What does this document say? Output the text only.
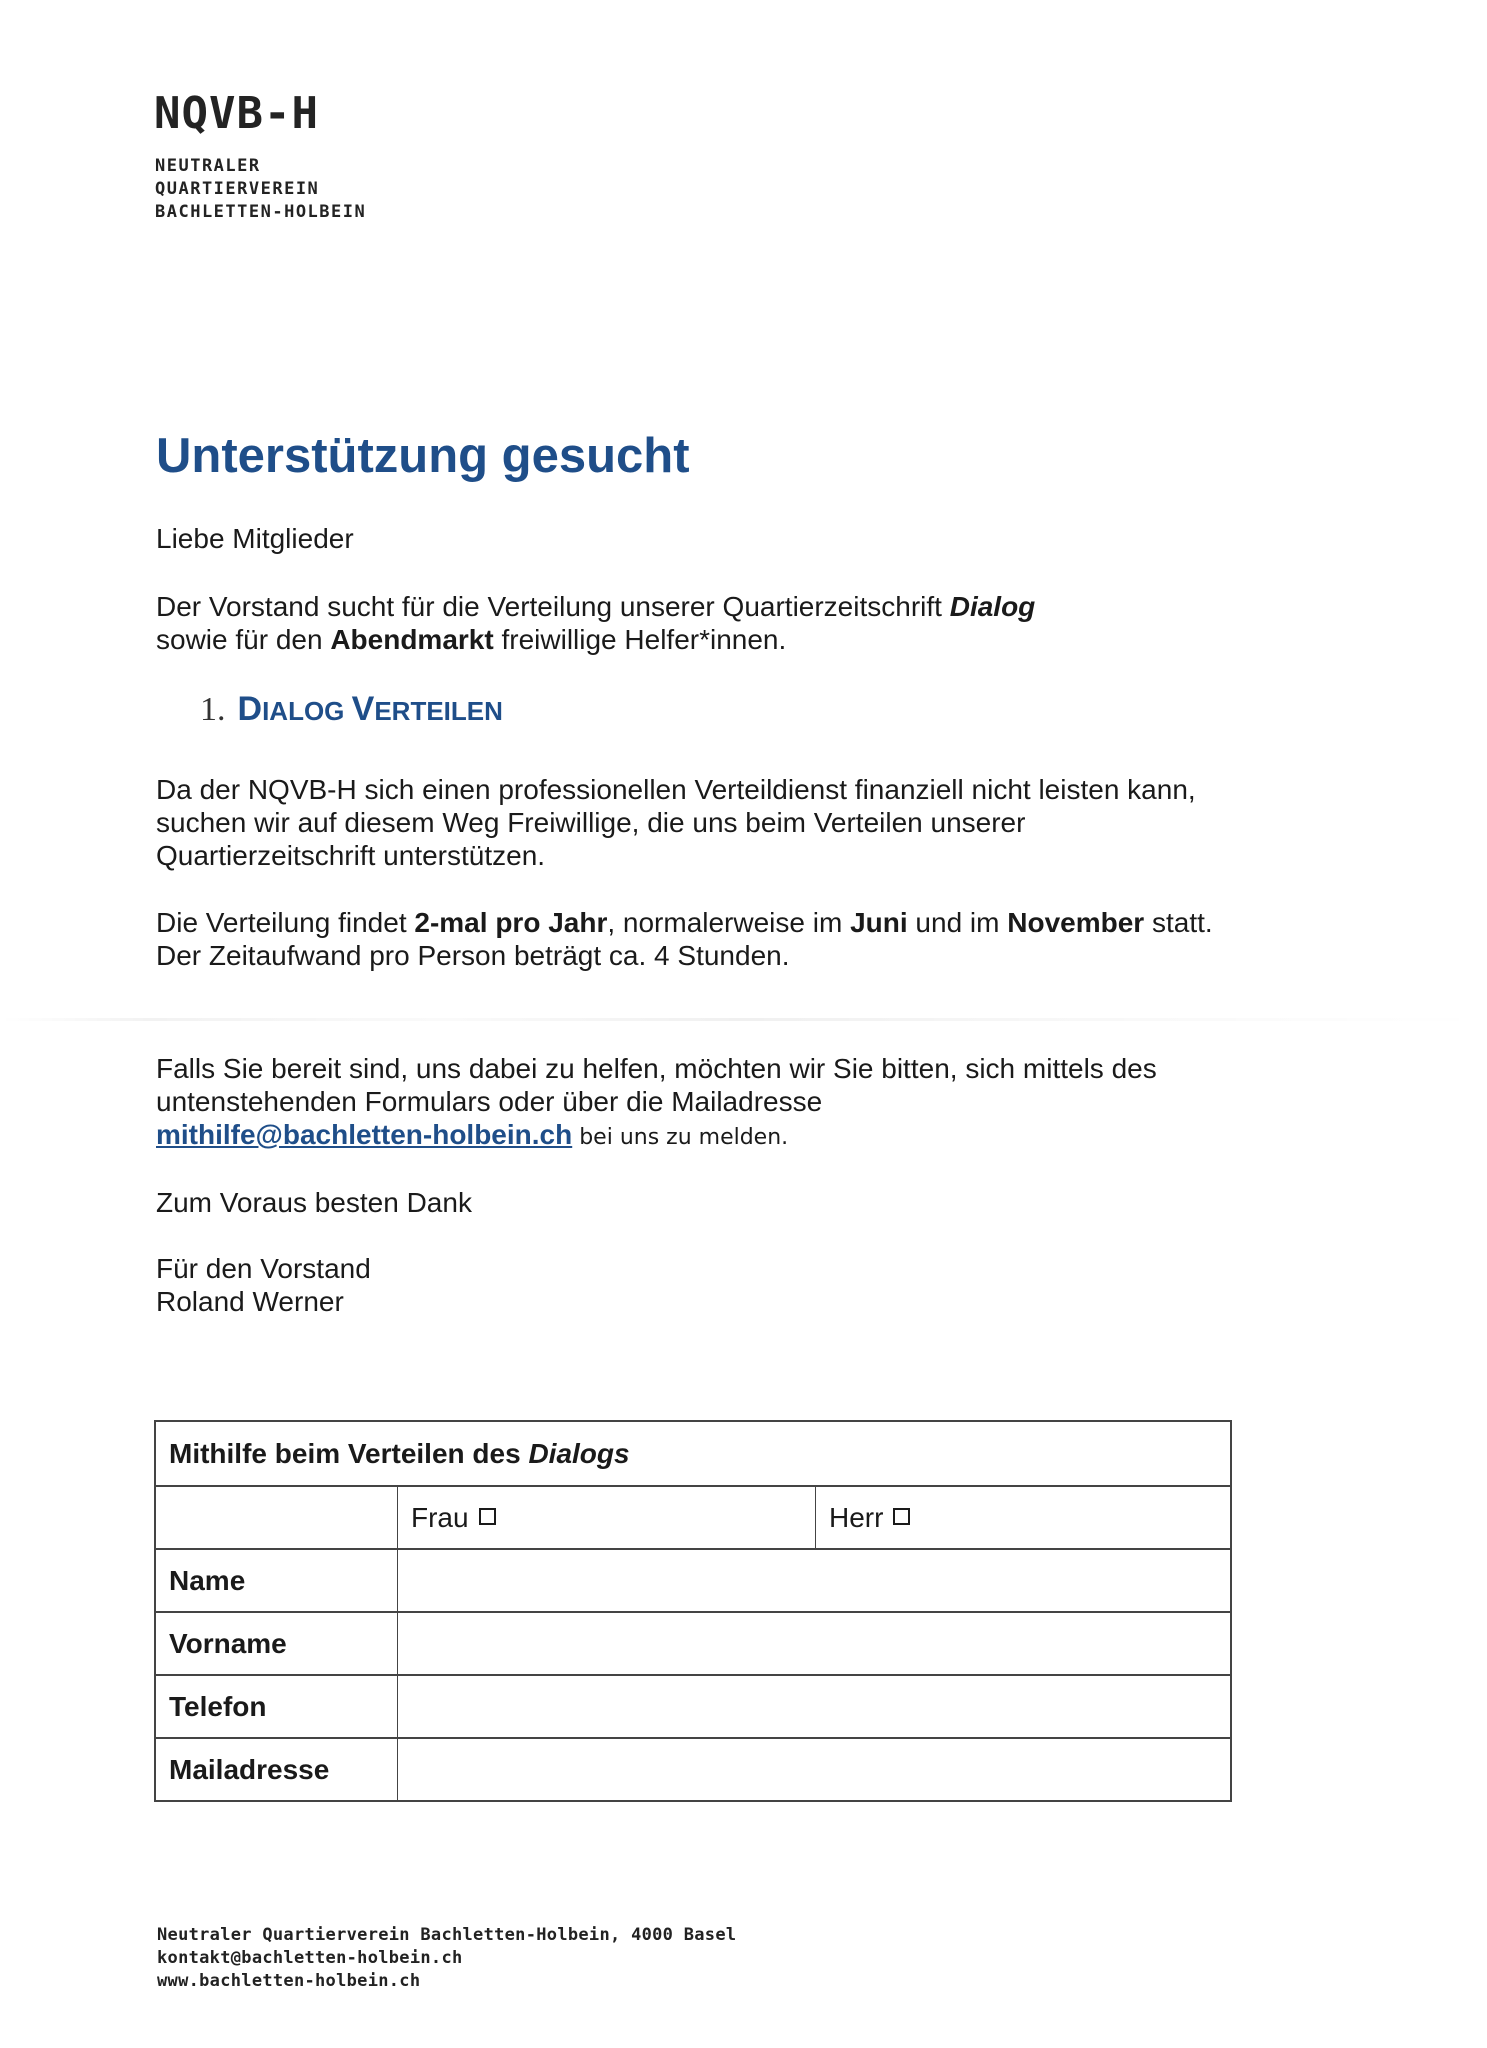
NQVB-H
NEUTRALER
QUARTIERVEREIN
BACHLETTEN-HOLBEIN
Unterstützung gesucht
Liebe Mitglieder
Der Vorstand sucht für die Verteilung unserer Quartierzeitschrift Dialog
sowie für den Abendmarkt freiwillige Helfer*innen.
1. DIALOG VERTEILEN
Da der NQVB-H sich einen professionellen Verteildienst finanziell nicht leisten kann,
suchen wir auf diesem Weg Freiwillige, die uns beim Verteilen unserer
Quartierzeitschrift unterstützen.
Die Verteilung findet 2-mal pro Jahr, normalerweise im Juni und im November statt.
Der Zeitaufwand pro Person beträgt ca. 4 Stunden.
Falls Sie bereit sind, uns dabei zu helfen, möchten wir Sie bitten, sich mittels des
untenstehenden Formulars oder über die Mailadresse
mithilfe@bachletten-holbein.ch bei uns zu melden.
Zum Voraus besten Dank
Für den Vorstand
Roland Werner
Mithilfe beim Verteilen des
Dialogs
Frau	Herr
Name
Vorname
Telefon
Mailadresse
Neutraler Quartierverein Bachletten-Holbein, 4000 Basel
kontakt@bachletten-holbein.ch
www.bachletten-holbein.ch
